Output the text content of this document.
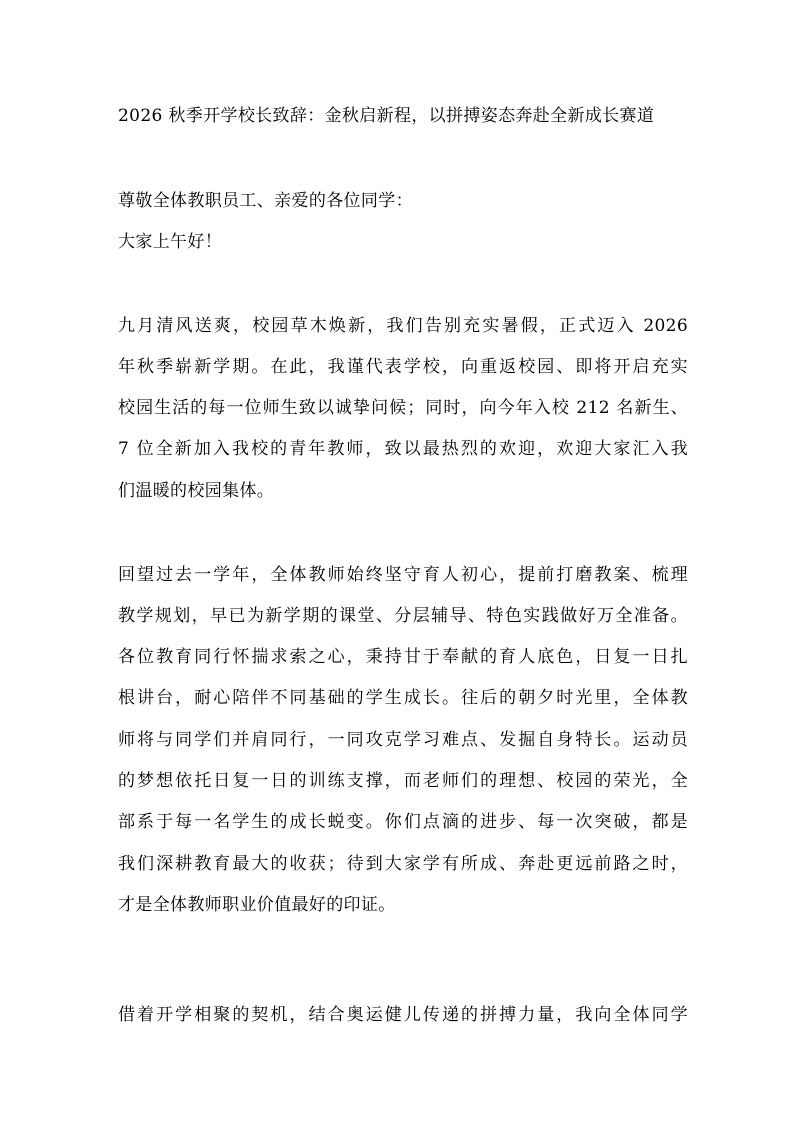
2026 秋季开学校长致辞：金秋启新程，以拼搏姿态奔赴全新成长赛道
尊敬全体教职员工、亲爱的各位同学：
大家上午好！
九月清风送爽，校园草木焕新，我们告别充实暑假，正式迈入 2026
年秋季崭新学期。在此，我谨代表学校，向重返校园、即将开启充实
校园生活的每一位师生致以诚挚问候；同时，向今年入校 212 名新生、
7 位全新加入我校的青年教师，致以最热烈的欢迎，欢迎大家汇入我
们温暖的校园集体。
回望过去一学年，全体教师始终坚守育人初心，提前打磨教案、梳理
教学规划，早已为新学期的课堂、分层辅导、特色实践做好万全准备。
各位教育同行怀揣求索之心，秉持甘于奉献的育人底色，日复一日扎
根讲台，耐心陪伴不同基础的学生成长。往后的朝夕时光里，全体教
师将与同学们并肩同行，一同攻克学习难点、发掘自身特长。运动员
的梦想依托日复一日的训练支撑，而老师们的理想、校园的荣光，全
部系于每一名学生的成长蜕变。你们点滴的进步、每一次突破，都是
我们深耕教育最大的收获；待到大家学有所成、奔赴更远前路之时，
才是全体教师职业价值最好的印证。
借着开学相聚的契机，结合奥运健儿传递的拼搏力量，我向全体同学
